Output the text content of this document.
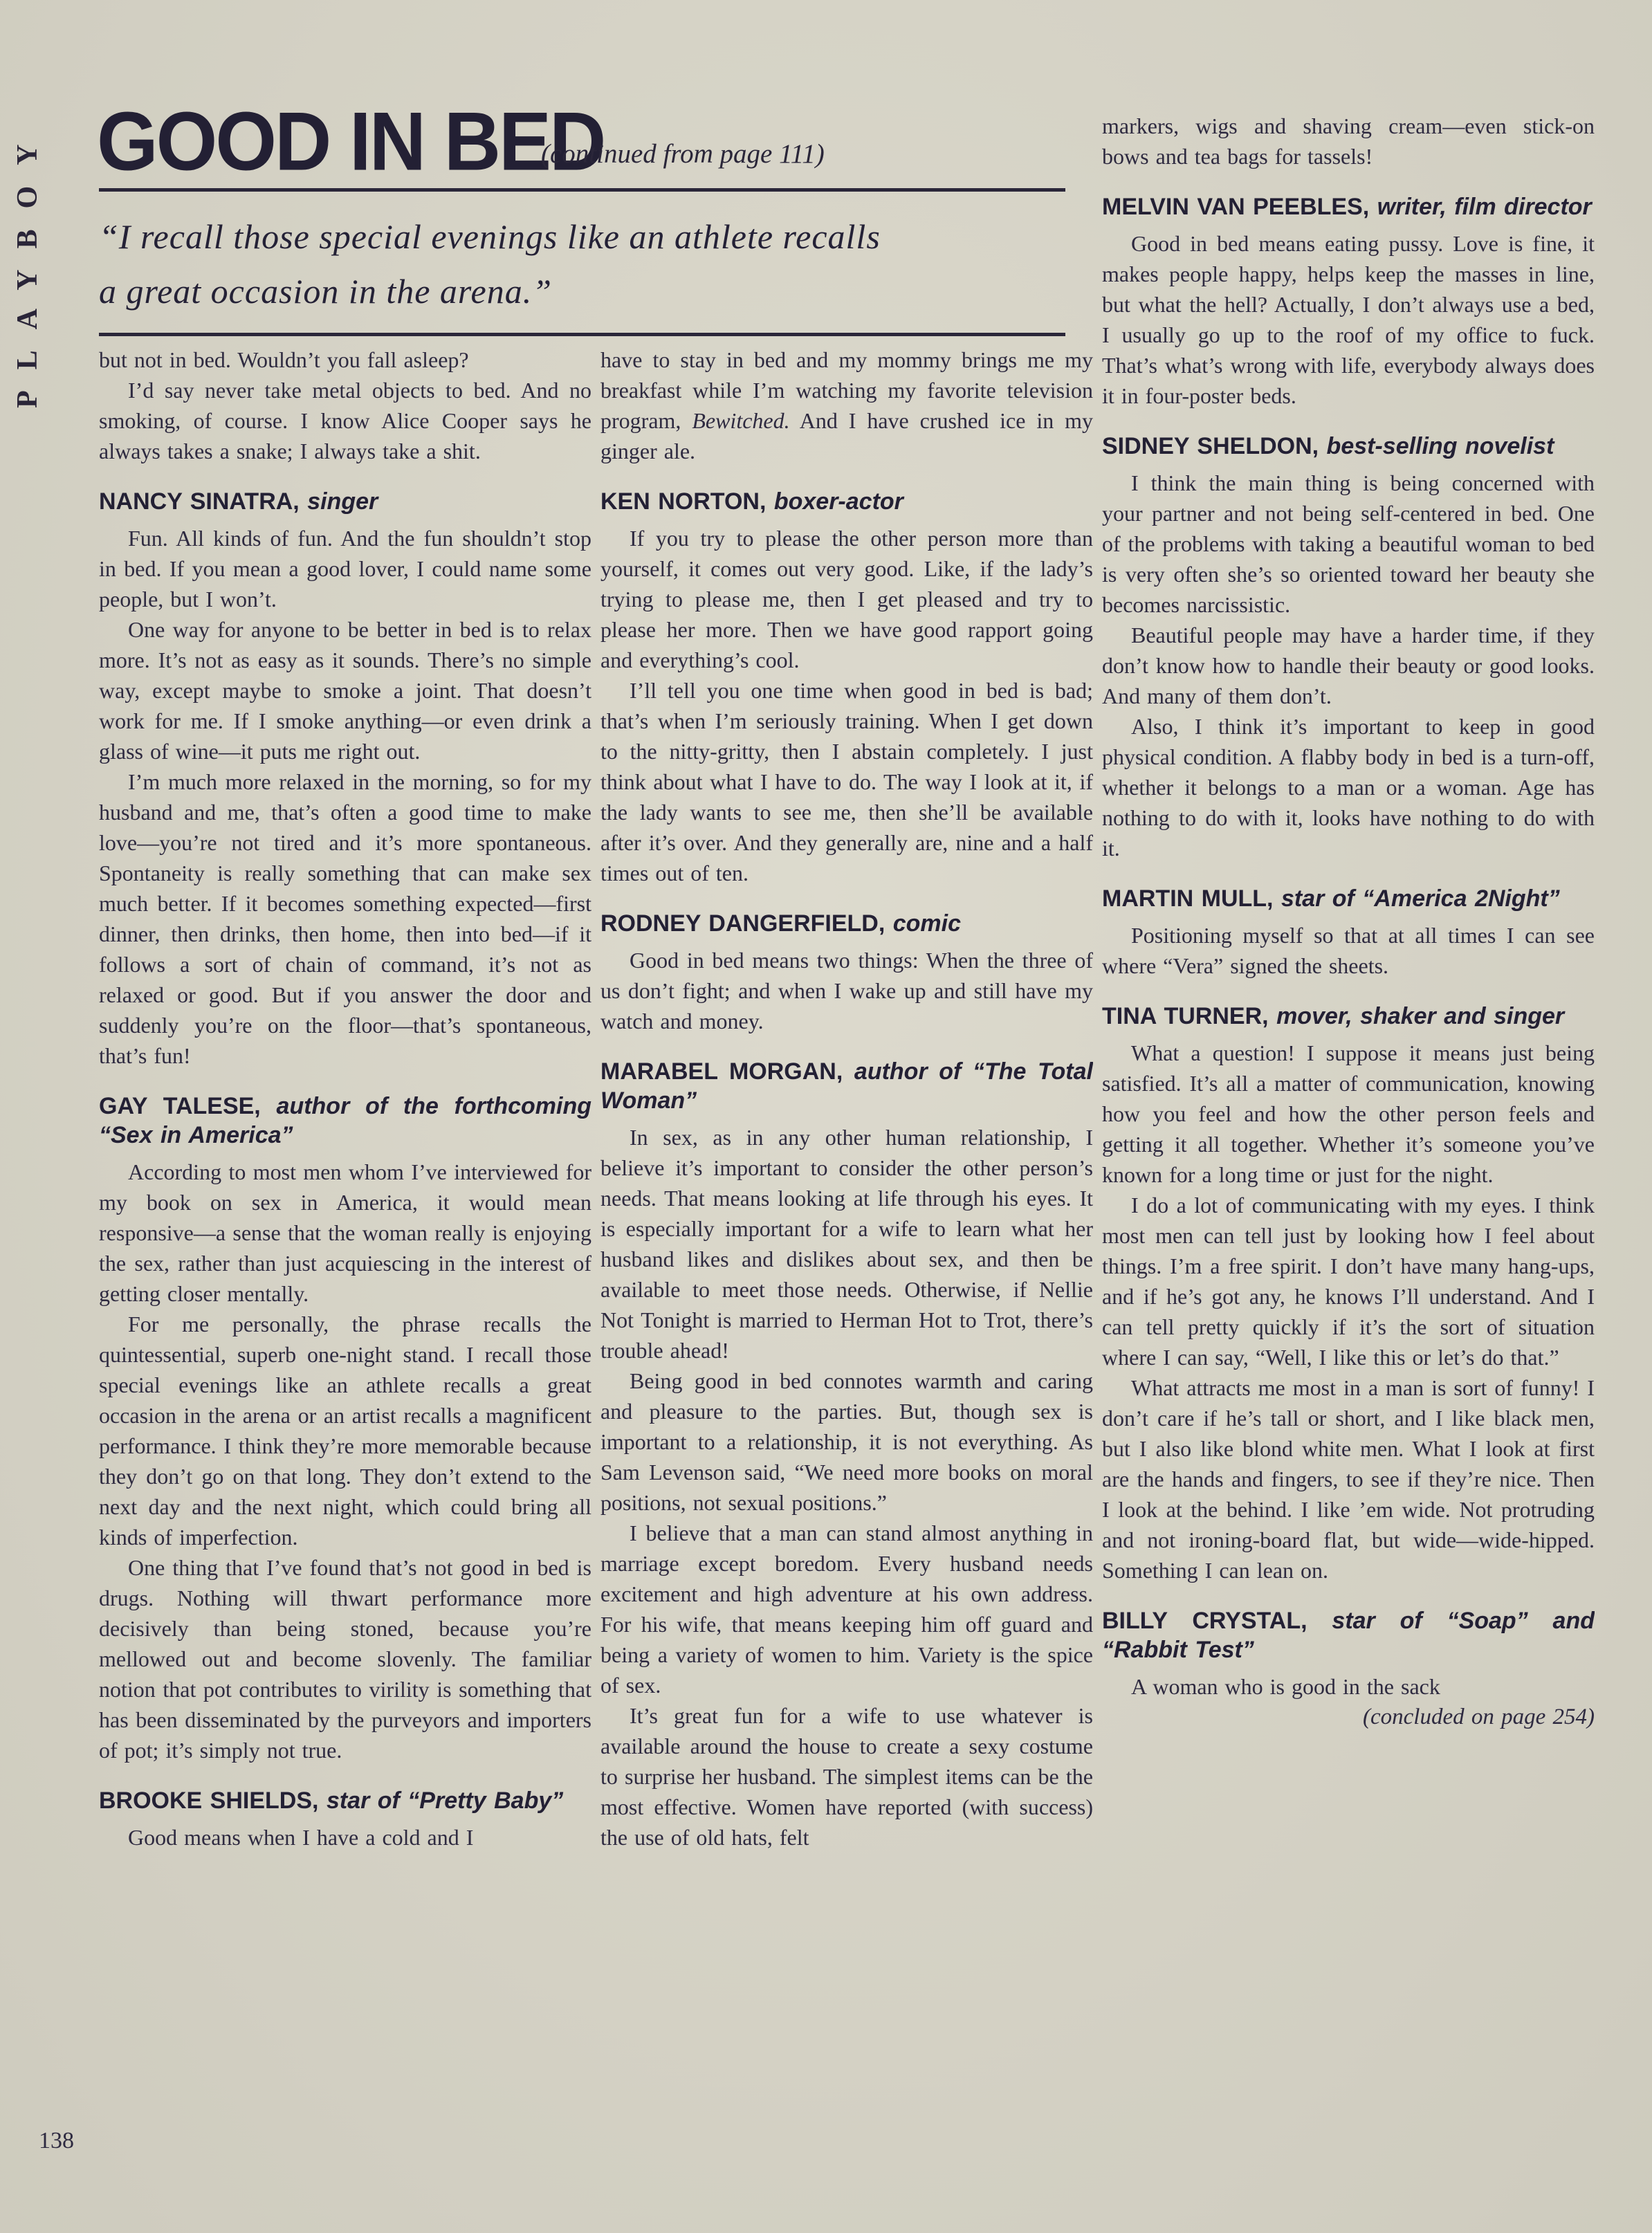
PLAYBOY GOOD IN BED
(continued from page 111)
“I recall those special evenings like an athlete recalls
a great occasion in the arena.”

but not in bed. Wouldn’t you fall asleep?

I’d say never take metal objects to bed. And no smoking, of course. I know Alice Cooper says he always takes a snake; I always take a shit.

NANCY SINATRA, singer

Fun. All kinds of fun. And the fun shouldn’t stop in bed. If you mean a good lover, I could name some people, but I won’t.

One way for anyone to be better in bed is to relax more. It’s not as easy as it sounds. There’s no simple way, except maybe to smoke a joint. That doesn’t work for me. If I smoke anything—or even drink a glass of wine—it puts me right out.

I’m much more relaxed in the morning, so for my husband and me, that’s often a good time to make love—you’re not tired and it’s more spontaneous. Spontaneity is really something that can make sex much better. If it becomes something expected—first dinner, then drinks, then home, then into bed—if it follows a sort of chain of command, it’s not as relaxed or good. But if you answer the door and suddenly you’re on the floor—that’s spontaneous, that’s fun!

GAY TALESE, author of the forthcoming “Sex in America”

According to most men whom I’ve interviewed for my book on sex in America, it would mean responsive—a sense that the woman really is enjoying the sex, rather than just acquiescing in the interest of getting closer mentally.

For me personally, the phrase recalls the quintessential, superb one-night stand. I recall those special evenings like an athlete recalls a great occasion in the arena or an artist recalls a magnificent performance. I think they’re more memorable because they don’t go on that long. They don’t extend to the next day and the next night, which could bring all kinds of imperfection.

One thing that I’ve found that’s not good in bed is drugs. Nothing will thwart performance more decisively than being stoned, because you’re mellowed out and become slovenly. The familiar notion that pot contributes to virility is something that has been disseminated by the purveyors and importers of pot; it’s simply not true.

BROOKE SHIELDS, star of “Pretty Baby”

Good means when I have a cold and I

have to stay in bed and my mommy brings me my breakfast while I’m watching my favorite television program, Bewitched. And I have crushed ice in my ginger ale.

KEN NORTON, boxer-actor

If you try to please the other person more than yourself, it comes out very good. Like, if the lady’s trying to please me, then I get pleased and try to please her more. Then we have good rapport going and everything’s cool.

I’ll tell you one time when good in bed is bad; that’s when I’m seriously training. When I get down to the nitty-gritty, then I abstain completely. I just think about what I have to do. The way I look at it, if the lady wants to see me, then she’ll be available after it’s over. And they generally are, nine and a half times out of ten.

RODNEY DANGERFIELD, comic

Good in bed means two things: When the three of us don’t fight; and when I wake up and still have my watch and money.

MARABEL MORGAN, author of “The Total Woman”

In sex, as in any other human relationship, I believe it’s important to consider the other person’s needs. That means looking at life through his eyes. It is especially important for a wife to learn what her husband likes and dislikes about sex, and then be available to meet those needs. Otherwise, if Nellie Not Tonight is married to Herman Hot to Trot, there’s trouble ahead!

Being good in bed connotes warmth and caring and pleasure to the parties. But, though sex is important to a relationship, it is not everything. As Sam Levenson said, “We need more books on moral positions, not sexual positions.”

I believe that a man can stand almost anything in marriage except boredom. Every husband needs excitement and high adventure at his own address. For his wife, that means keeping him off guard and being a variety of women to him. Variety is the spice of sex.

It’s great fun for a wife to use whatever is available around the house to create a sexy costume to surprise her husband. The simplest items can be the most effective. Women have reported (with success) the use of old hats, felt

markers, wigs and shaving cream—even stick-on bows and tea bags for tassels!

MELVIN VAN PEEBLES, writer, film director

Good in bed means eating pussy. Love is fine, it makes people happy, helps keep the masses in line, but what the hell? Actually, I don’t always use a bed, I usually go up to the roof of my office to fuck. That’s what’s wrong with life, everybody always does it in four-poster beds.

SIDNEY SHELDON, best-selling novelist

I think the main thing is being concerned with your partner and not being self-centered in bed. One of the problems with taking a beautiful woman to bed is very often she’s so oriented toward her beauty she becomes narcissistic.

Beautiful people may have a harder time, if they don’t know how to handle their beauty or good looks. And many of them don’t.

Also, I think it’s important to keep in good physical condition. A flabby body in bed is a turn-off, whether it belongs to a man or a woman. Age has nothing to do with it, looks have nothing to do with it.

MARTIN MULL, star of “America 2Night”

Positioning myself so that at all times I can see where “Vera” signed the sheets.

TINA TURNER, mover, shaker and singer

What a question! I suppose it means just being satisfied. It’s all a matter of communication, knowing how you feel and how the other person feels and getting it all together. Whether it’s someone you’ve known for a long time or just for the night.

I do a lot of communicating with my eyes. I think most men can tell just by looking how I feel about things. I’m a free spirit. I don’t have many hang-ups, and if he’s got any, he knows I’ll understand. And I can tell pretty quickly if it’s the sort of situation where I can say, “Well, I like this or let’s do that.”

What attracts me most in a man is sort of funny! I don’t care if he’s tall or short, and I like black men, but I also like blond white men. What I look at first are the hands and fingers, to see if they’re nice. Then I look at the behind. I like ’em wide. Not protruding and not ironing-board flat, but wide—wide-hipped. Something I can lean on.

BILLY CRYSTAL, star of “Soap” and “Rabbit Test”

A woman who is good in the sack

(concluded on page 254)

138
